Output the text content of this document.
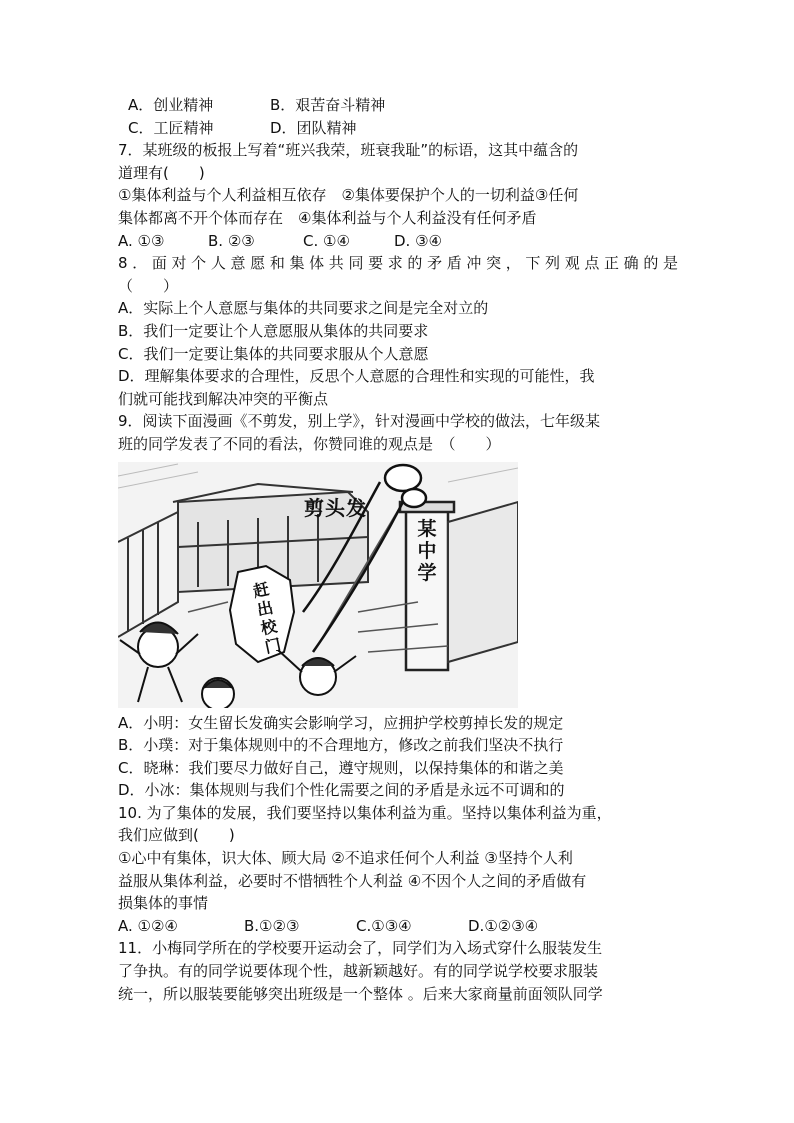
A．创业精神	B．艰苦奋斗精神
C．工匠精神	D．团队精神
7．某班级的板报上写着“班兴我荣，班衰我耻”的标语，这其中蕴含的
道理有(　　)
①集体利益与个人利益相互依存　②集体要保护个人的一切利益③任何
集体都离不开个体而存在　④集体利益与个人利益没有任何矛盾
A. ①③	B. ②③	C. ①④	D. ③④
8．面对个人意愿和集体共同要求的矛盾冲突，下列观点正确的是
（　　）
A．实际上个人意愿与集体的共同要求之间是完全对立的
B．我们一定要让个人意愿服从集体的共同要求
C．我们一定要让集体的共同要求服从个人意愿
D．理解集体要求的合理性，反思个人意愿的合理性和实现的可能性，我
们就可能找到解决冲突的平衡点
9．阅读下面漫画《不剪发，别上学》，针对漫画中学校的做法，七年级某
班的同学发表了不同的看法，你赞同谁的观点是　（　　）
剪头发
某中学
赶出校门
A．小明：女生留长发确实会影响学习，应拥护学校剪掉长发的规定
B．小璞：对于集体规则中的不合理地方，修改之前我们坚决不执行
C．晓琳：我们要尽力做好自己，遵守规则，以保持集体的和谐之美
D．小冰：集体规则与我们个性化需要之间的矛盾是永远不可调和的
10. 为了集体的发展，我们要坚持以集体利益为重。坚持以集体利益为重，
我们应做到(　　)
①心中有集体，识大体、顾大局 ②不追求任何个人利益 ③坚持个人利
益服从集体利益，必要时不惜牺牲个人利益 ④不因个人之间的矛盾做有
损集体的事情
A. ①②④	B.①②③	C.①③④	D.①②③④
11．小梅同学所在的学校要开运动会了，同学们为入场式穿什么服装发生
了争执。有的同学说要体现个性，越新颖越好。有的同学说学校要求服装
统一，所以服装要能够突出班级是一个整体 。后来大家商量前面领队同学
